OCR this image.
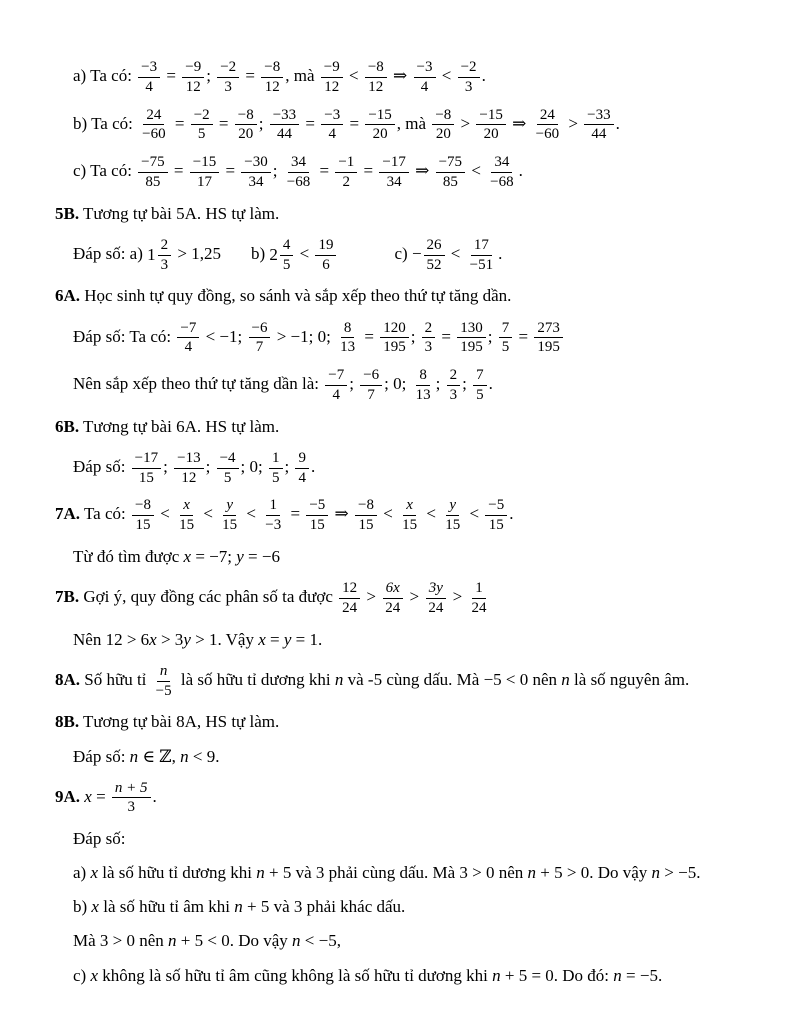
a) Ta có: $\frac{-3}{4} = \frac{-9}{12}$ ; $\frac{-2}{3} = \frac{-8}{12}$ , mà $\frac{-9}{12} < \frac{-8}{12}$ ⇒ $\frac{-3}{4} < \frac{-2}{3}$ .
b) Ta có: $\frac{24}{-60} = \frac{-2}{5} = \frac{-8}{20}$ ; $\frac{-33}{44} = \frac{-3}{4} = \frac{-15}{20}$ , mà $\frac{-8}{20} > \frac{-15}{20}$ ⇒ $\frac{24}{-60} > \frac{-33}{44}$ .
c) Ta có: $\frac{-75}{85} = \frac{-15}{17} = \frac{-30}{34}$ ; $\frac{34}{-68} = \frac{-1}{2} = \frac{-17}{34}$ ⇒ $\frac{-75}{85} < \frac{34}{-68}$ .
5B. Tương tự bài 5A. HS tự làm.
Đáp số: a) $1 \frac{2}{3} > 1,25$ b) $2 \frac{4}{5} < \frac{19}{6}$	$c) - \frac{26}{52} < \frac{17}{-51}$ .
6A. Học sinh tự quy đồng, so sánh và sắp xếp theo thứ tự tăng dần.
Đáp số: Ta có: $\frac{-7}{4} < -1$; $\frac{-6}{7} > -1$; 0; $\frac{8}{13} = \frac{120}{195}$ ; $\frac{2}{3} = \frac{130}{195}$ ; $\frac{7}{5} = \frac{273}{195}$
Nên sắp xếp theo thứ tự tăng dần là: $\frac{-7}{4}$ ; $\frac{-6}{7}$ ; 0; $\frac{8}{13}$ ; $\frac{2}{3}$ ; $\frac{7}{5}$ .
6B. Tương tự bài 6A. HS tự làm.
Đáp số: $\frac{-17}{15}$ ; $\frac{-13}{12}$ ; $\frac{-4}{5}$ ; 0; $\frac{1}{5}$ ; $\frac{9}{4}$ .
7A. Ta có: $\frac{-8}{15} < \frac{x}{15} < \frac{y}{15} < \frac{1}{-3} = \frac{-5}{15}$ ⇒ $\frac{-8}{15} < \frac{x}{15} < \frac{y}{15} < \frac{-5}{15}$ .
Từ đó tìm được x = −7; y = −6
7B. Gợi ý, quy đồng các phân số ta được $\frac{12}{24} > \frac{6x}{24} > \frac{3y}{24} > \frac{1}{24}$
Nên 12 > 6x > 3y > 1. Vậy x = y = 1.
8A. Số hữu tỉ $\frac{n}{-5}$ là số hữu tỉ dương khi n và -5 cùng dấu. Mà −5 < 0 nên n là số nguyên âm.
8B. Tương tự bài 8A, HS tự làm.
Đáp số: n ∈ ℤ, n < 9.
9A. $x = \frac{n + 5}{3}$ .
Đáp số:
a) x là số hữu tỉ dương khi n + 5 và 3 phải cùng dấu. Mà 3 > 0 nên n + 5 > 0. Do vậy n > −5.
b) x là số hữu tỉ âm khi n + 5 và 3 phải khác dấu.
Mà 3 > 0 nên n + 5 < 0. Do vậy n < −5,
c) x không là số hữu tỉ âm cũng không là số hữu tỉ dương khi n + 5 = 0. Do đó: n = −5.
